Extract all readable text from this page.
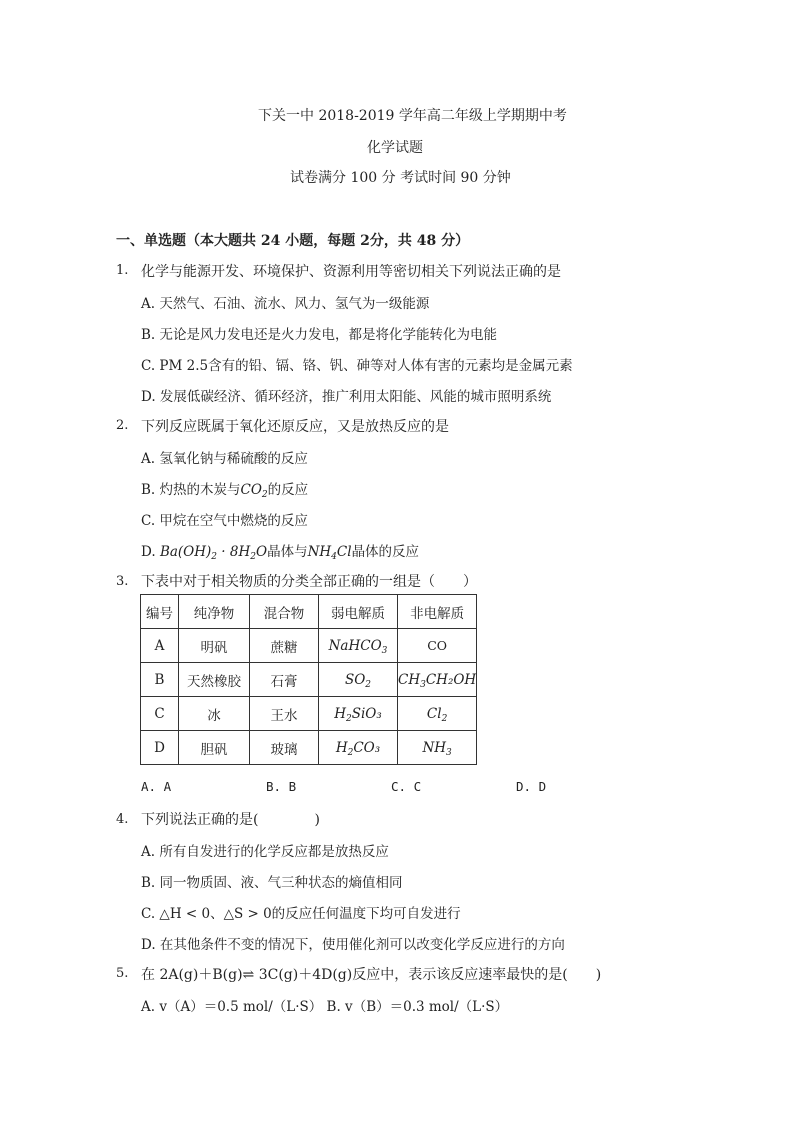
下关一中 2018-2019 学年高二年级上学期期中考
化学试题
试卷满分 100 分 考试时间 90 分钟
一、单选题（本大题共 24 小题，每题 2分，共 48 分）
1. 化学与能源开发、环境保护、资源利用等密切相关下列说法正确的是
A. 天然气、石油、流水、风力、氢气为一级能源
B. 无论是风力发电还是火力发电，都是将化学能转化为电能
C. PM 2.5含有的铅、镉、铬、钒、砷等对人体有害的元素均是金属元素
D. 发展低碳经济、循环经济，推广利用太阳能、风能的城市照明系统
2. 下列反应既属于氧化还原反应，又是放热反应的是
A. 氢氧化钠与稀硫酸的反应
B. 灼热的木炭与$CO_2$的反应
C. 甲烷在空气中燃烧的反应
D. $Ba(OH)_2 \cdot 8H_2O$晶体与$NH_4Cl$晶体的反应
3. 下表中对于相关物质的分类全部正确的一组是（　　）
编号	纯净物	混合物	弱电解质	非电解质
A	明矾	蔗糖	NaHCO$_3$	CO
B	天然橡胶	石膏	$SO_2$	$CH_3CH_2OH$
C	冰	王水	$H_2SiO_3$	$Cl_2$
D	胆矾	玻璃	$H_2CO_3$	$NH_3$
A. A	B. B	C. C	D. D
4. 下列说法正确的是(　　　　)
A. 所有自发进行的化学反应都是放热反应
B. 同一物质固、液、气三种状态的熵值相同
C. △H < 0、△S > 0的反应任何温度下均可自发进行
D. 在其他条件不变的情况下，使用催化剂可以改变化学反应进行的方向
5. 在 2A(g)＋B(g)⇌ 3C(g)＋4D(g)反应中，表示该反应速率最快的是(　　)
A. v（A）＝0.5 mol/（L·S） B. v（B）＝0.3 mol/（L·S）
